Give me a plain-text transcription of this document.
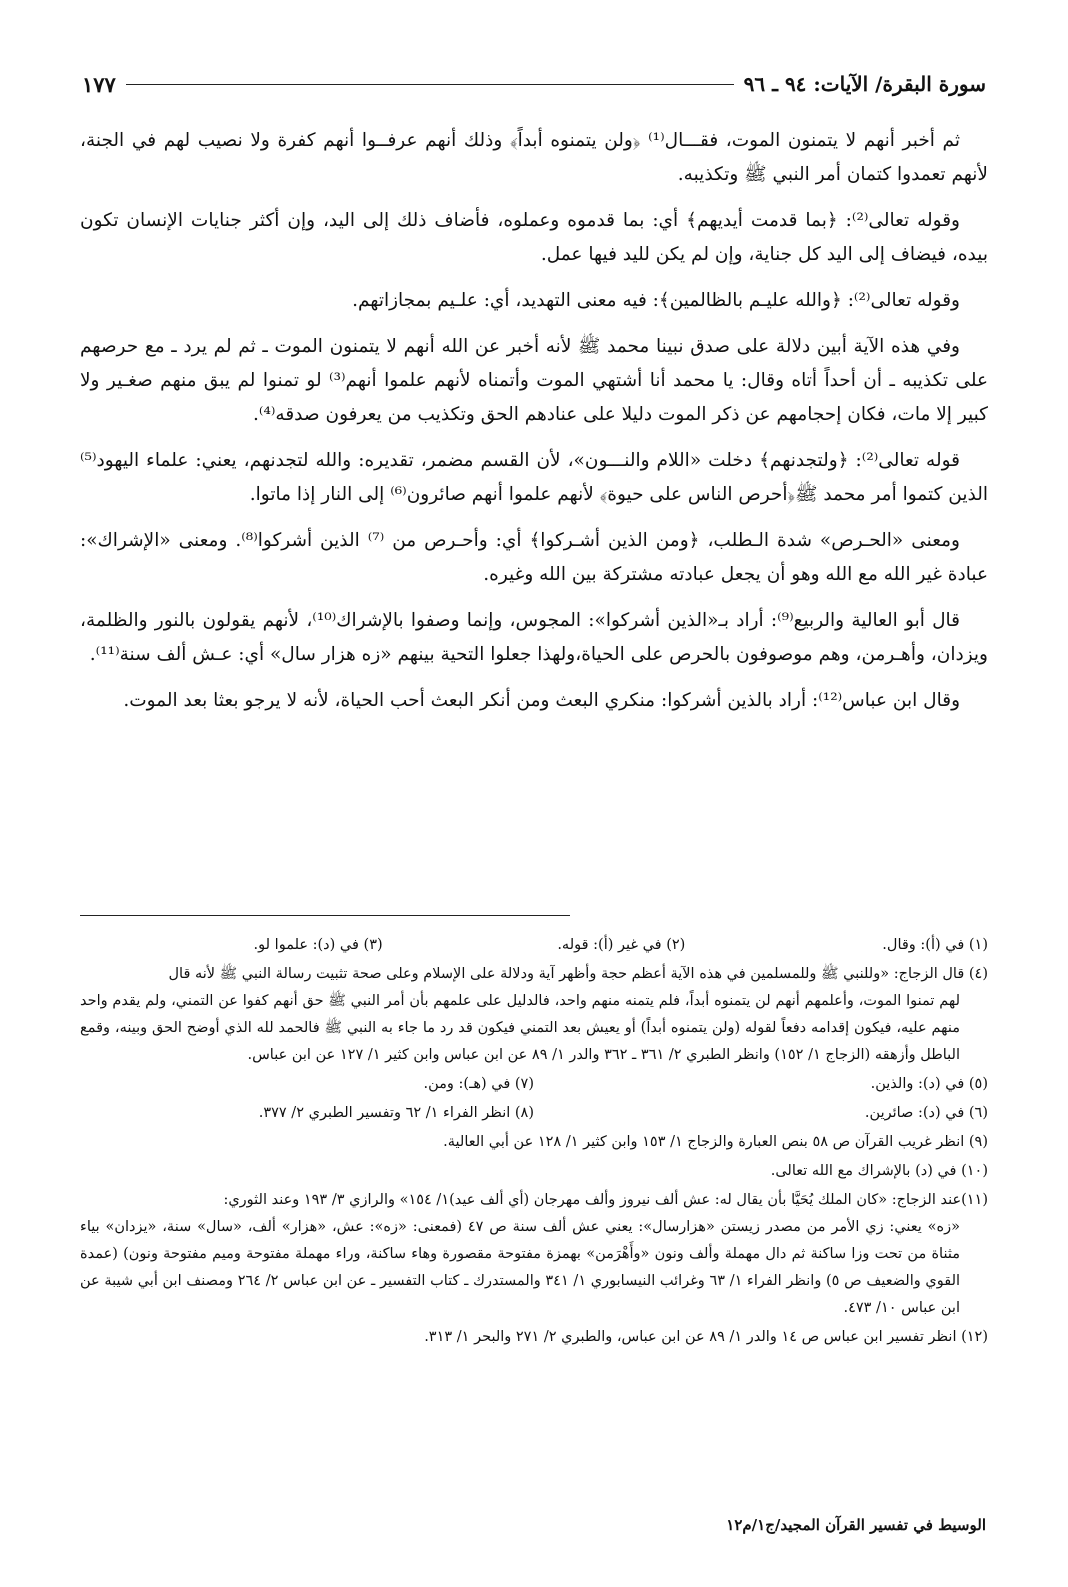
سورة البقرة/ الآيات: ٩٤ ـ ٩٦
١٧٧

ثم أخبر أنهم لا يتمنون الموت، فقـــال⁽¹⁾ ﴿ولن يتمنوه أبداً﴾ وذلك أنهم عرفــوا أنهم كفرة ولا نصيب لهم في الجنة، لأنهم تعمدوا كتمان أمر النبي ﷺ وتكذيبه.

وقوله تعالى⁽²⁾: ﴿بما قدمت أيديهم﴾ أي: بما قدموه وعملوه، فأضاف ذلك إلى اليد، وإن أكثر جنايات الإنسان تكون بيده، فيضاف إلى اليد كل جناية، وإن لم يكن لليد فيها عمل.

وقوله تعالى⁽²⁾: ﴿والله عليـم بالظالمين﴾: فيه معنى التهديد، أي: علـيم بمجازاتهم.

وفي هذه الآية أبين دلالة على صدق نبينا محمد ﷺ لأنه أخبر عن الله أنهم لا يتمنون الموت ـ ثم لم يرد ـ مع حرصهم على تكذيبه ـ أن أحداً أتاه وقال: يا محمد أنا أشتهي الموت وأتمناه لأنهم علموا أنهم⁽³⁾ لو تمنوا لم يبق منهم صغـير ولا كبير إلا مات، فكان إحجامهم عن ذكر الموت دليلا على عنادهم الحق وتكذيب من يعرفون صدقه⁽⁴⁾.

قوله تعالى⁽²⁾: ﴿ولتجدنهم﴾ دخلت «اللام والنـــون»، لأن القسم مضمر، تقديره: والله لتجدنهم، يعني: علماء اليهود⁽⁵⁾الذين كتموا أمر محمد ﷺ﴿أحرص الناس على حيوة﴾ لأنهم علموا أنهم صائرون⁽⁶⁾ إلى النار إذا ماتوا.

ومعنى «الحـرص» شدة الـطلب، ﴿ومن الذين أشـركوا﴾ أي: وأحـرص من ⁽⁷⁾ الذين أشركوا⁽⁸⁾. ومعنى «الإشراك»: عبادة غير الله مع الله وهو أن يجعل عبادته مشتركة بين الله وغيره.

قال أبو العالية والربيع⁽⁹⁾: أراد بـ«الذين أشركوا»: المجوس، وإنما وصفوا بالإشراك⁽¹⁰⁾، لأنهم يقولون بالنور والظلمة، ويزدان، وأهـرمن، وهم موصوفون بالحرص على الحياة،ولهذا جعلوا التحية بينهم «زه هزار سال» أي: عـش ألف سنة⁽¹¹⁾.

وقال ابن عباس⁽¹²⁾: أراد بالذين أشركوا: منكري البعث ومن أنكر البعث أحب الحياة، لأنه لا يرجو بعثا بعد الموت.

(١) في (أ): وقال.
(٢) في غير (أ): قوله.
(٣) في (د): علموا لو.
(٤) قال الزجاج: «وللنبي ﷺ وللمسلمين في هذه الآية أعظم حجة وأظهر آية ودلالة على الإسلام وعلى صحة تثبيت رسالة النبي ﷺ لأنه قال
لهم تمنوا الموت، وأعلمهم أنهم لن يتمنوه أبداً، فلم يتمنه منهم واحد، فالدليل على علمهم بأن أمر النبي ﷺ حق أنهم كفوا عن التمني، ولم يقدم واحد منهم عليه، فيكون إقدامه دفعاً لقوله (ولن يتمنوه أبداً) أو يعيش بعد التمني فيكون قد رد ما جاء به النبي ﷺ فالحمد لله الذي أوضح الحق وبينه، وقمع الباطل وأزهقه (الزجاج ١/ ١٥٢) وانظر الطبري ٢/ ٣٦١ ـ ٣٦٢ والدر ١/ ٨٩ عن ابن عباس وابن كثير ١/ ١٢٧ عن ابن عباس.
(٥) في (د): والذين.
(٧) في (هـ): ومن.
(٦) في (د): صائرين.
(٨) انظر الفراء ١/ ٦٢ وتفسير الطبري ٢/ ٣٧٧.
(٩) انظر غريب القرآن ص ٥٨ بنص العبارة والزجاج ١/ ١٥٣ وابن كثير ١/ ١٢٨ عن أبي العالية.
(١٠) في (د) بالإشراك مع الله تعالى.
(١١)عند الزجاج: «كان الملك يُحَيَّا بأن يقال له: عش ألف نيروز وألف مهرجان (أي ألف عيد)١/ ١٥٤» والرازي ٣/ ١٩٣ وعند الثوري:
«زه» يعني: زي الأمر من مصدر زيستن «هزارسال»: يعني عش ألف سنة ص ٤٧ (فمعنى: «زه»: عش، «هزار» ألف، «سال» سنة، «يزدان» بياء مثناة من تحت وزا ساكنة ثم دال مهملة وألف ونون «وأَهْرَمن» بهمزة مفتوحة مقصورة وهاء ساكنة، وراء مهملة مفتوحة وميم مفتوحة ونون) (عمدة القوي والضعيف ص ٥) وانظر الفراء ١/ ٦٣ وغرائب النيسابوري ١/ ٣٤١ والمستدرك ـ كتاب التفسير ـ عن ابن عباس ٢/ ٢٦٤ ومصنف ابن أبي شيبة عن ابن عباس ١٠/ ٤٧٣.
(١٢) انظر تفسير ابن عباس ص ١٤ والدر ١/ ٨٩ عن ابن عباس، والطبري ٢/ ٢٧١ والبحر ١/ ٣١٣.
الوسيط في تفسير القرآن المجيد/ج١/م١٢
